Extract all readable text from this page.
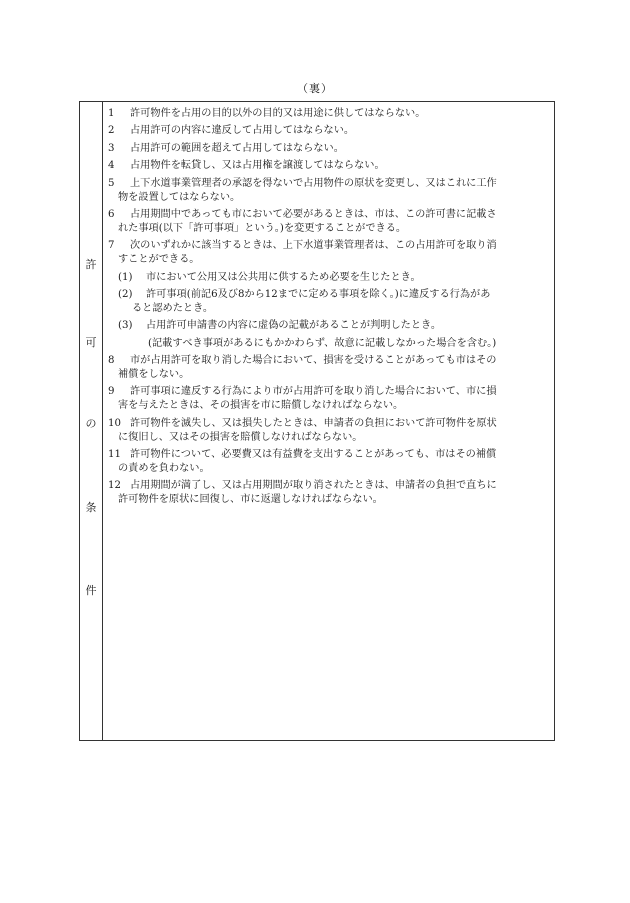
（裏）
許
可
の
条
件
1 許可物件を占用の目的以外の目的又は用途に供してはならない。
2 占用許可の内容に違反して占用してはならない。
3 占用許可の範囲を超えて占用してはならない。
4 占用物件を転貸し、又は占用権を譲渡してはならない。
5 上下水道事業管理者の承認を得ないで占用物件の原状を変更し、又はこれに工作
物を設置してはならない。
6 占用期間中であっても市において必要があるときは、市は、この許可書に記載さ
れた事項(以下「許可事項」という。)を変更することができる。
7 次のいずれかに該当するときは、上下水道事業管理者は、この占用許可を取り消
すことができる。
(1) 市において公用又は公共用に供するため必要を生じたとき。
(2) 許可事項(前記6及び8から12までに定める事項を除く。)に違反する行為があ
ると認めたとき。
(3) 占用許可申請書の内容に虚偽の記載があることが判明したとき。
(記載すべき事項があるにもかかわらず、故意に記載しなかった場合を含む。)
8 市が占用許可を取り消した場合において、損害を受けることがあっても市はその
補償をしない。
9 許可事項に違反する行為により市が占用許可を取り消した場合において、市に損
害を与えたときは、その損害を市に賠償しなければならない。
10 許可物件を滅失し、又は損失したときは、申請者の負担において許可物件を原状
に復旧し、又はその損害を賠償しなければならない。
11 許可物件について、必要費又は有益費を支出することがあっても、市はその補償
の責めを負わない。
12 占用期間が満了し、又は占用期間が取り消されたときは、申請者の負担で直ちに
許可物件を原状に回復し、市に返還しなければならない。
